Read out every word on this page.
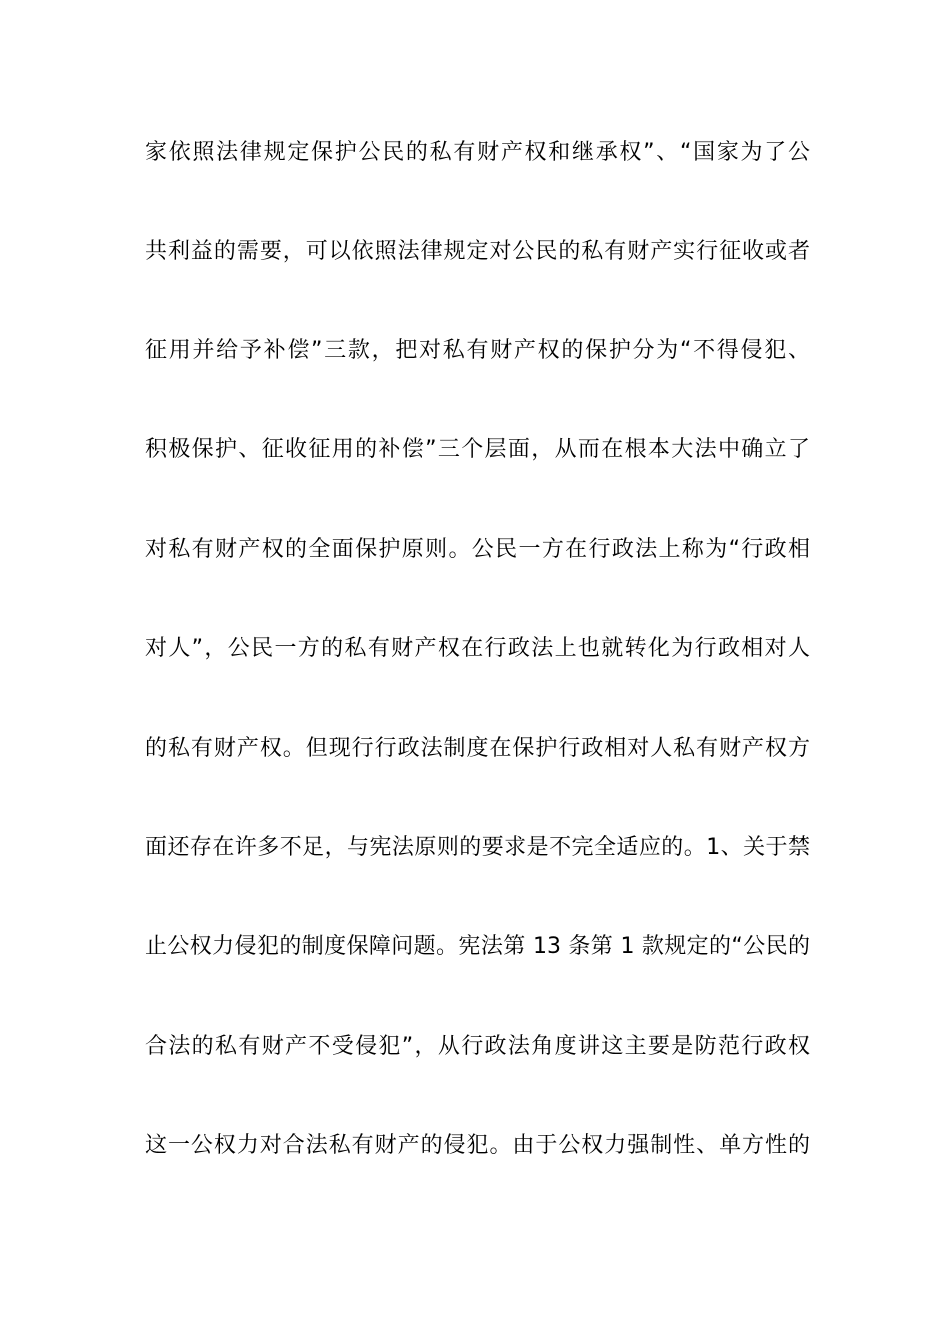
家依照法律规定保护公民的私有财产权和继承权”、“国家为了公
共利益的需要，可以依照法律规定对公民的私有财产实行征收或者
征用并给予补偿”三款，把对私有财产权的保护分为“不得侵犯、
积极保护、征收征用的补偿”三个层面，从而在根本大法中确立了
对私有财产权的全面保护原则。公民一方在行政法上称为“行政相
对人”，公民一方的私有财产权在行政法上也就转化为行政相对人
的私有财产权。但现行行政法制度在保护行政相对人私有财产权方
面还存在许多不足，与宪法原则的要求是不完全适应的。1、关于禁
止公权力侵犯的制度保障问题。宪法第 13 条第 1 款规定的“公民的
合法的私有财产不受侵犯”，从行政法角度讲这主要是防范行政权
这一公权力对合法私有财产的侵犯。由于公权力强制性、单方性的
